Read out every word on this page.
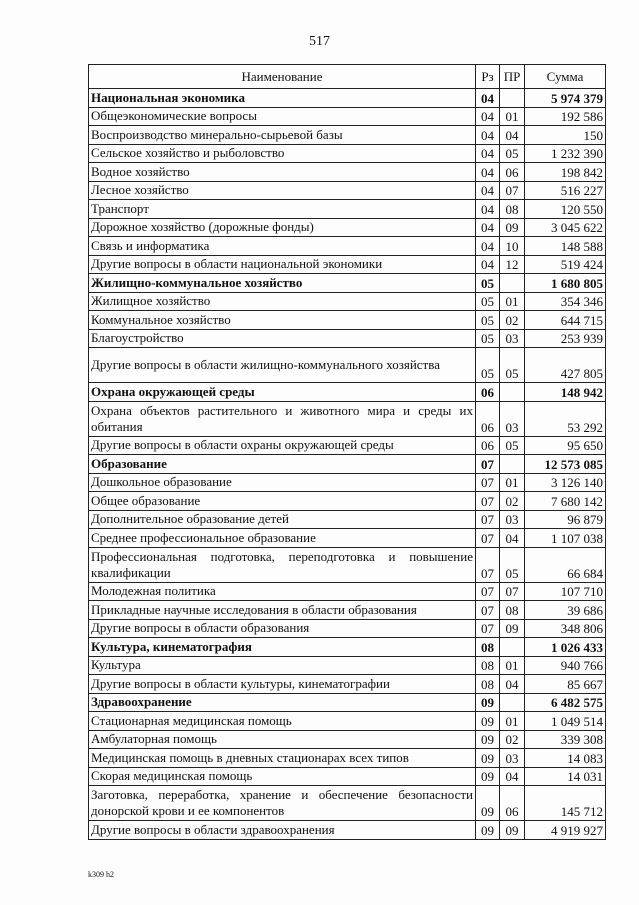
517
Наименование	Рз	ПР	Сумма
Национальная экономика	04		5 974 379
Общеэкономические вопросы	04	01	192 586
Воспроизводство минерально-сырьевой базы	04	04	150
Сельское хозяйство и рыболовство	04	05	1 232 390
Водное хозяйство	04	06	198 842
Лесное хозяйство	04	07	516 227
Транспорт	04	08	120 550
Дорожное хозяйство (дорожные фонды)	04	09	3 045 622
Связь и информатика	04	10	148 588
Другие вопросы в области национальной экономики	04	12	519 424
Жилищно-коммунальное хозяйство	05		1 680 805
Жилищное хозяйство	05	01	354 346
Коммунальное хозяйство	05	02	644 715
Благоустройство	05	03	253 939
Другие вопросы в области жилищно-коммунального хозяйства	05	05	427 805
Охрана окружающей среды	06		148 942
Охрана объектов растительного и животного мира и среды их обитания	06	03	53 292
Другие вопросы в области охраны окружающей среды	06	05	95 650
Образование	07		12 573 085
Дошкольное образование	07	01	3 126 140
Общее образование	07	02	7 680 142
Дополнительное образование детей	07	03	96 879
Среднее профессиональное образование	07	04	1 107 038
Профессиональная подготовка, переподготовка и повышение квалификации	07	05	66 684
Молодежная политика	07	07	107 710
Прикладные научные исследования в области образования	07	08	39 686
Другие вопросы в области образования	07	09	348 806
Культура, кинематография	08		1 026 433
Культура	08	01	940 766
Другие вопросы в области культуры, кинематографии	08	04	85 667
Здравоохранение	09		6 482 575
Стационарная медицинская помощь	09	01	1 049 514
Амбулаторная помощь	09	02	339 308
Медицинская помощь в дневных стационарах всех типов	09	03	14 083
Скорая медицинская помощь	09	04	14 031
Заготовка, переработка, хранение и обеспечение безопасности донорской крови и ее компонентов	09	06	145 712
Другие вопросы в области здравоохранения	09	09	4 919 927
k309 h2
